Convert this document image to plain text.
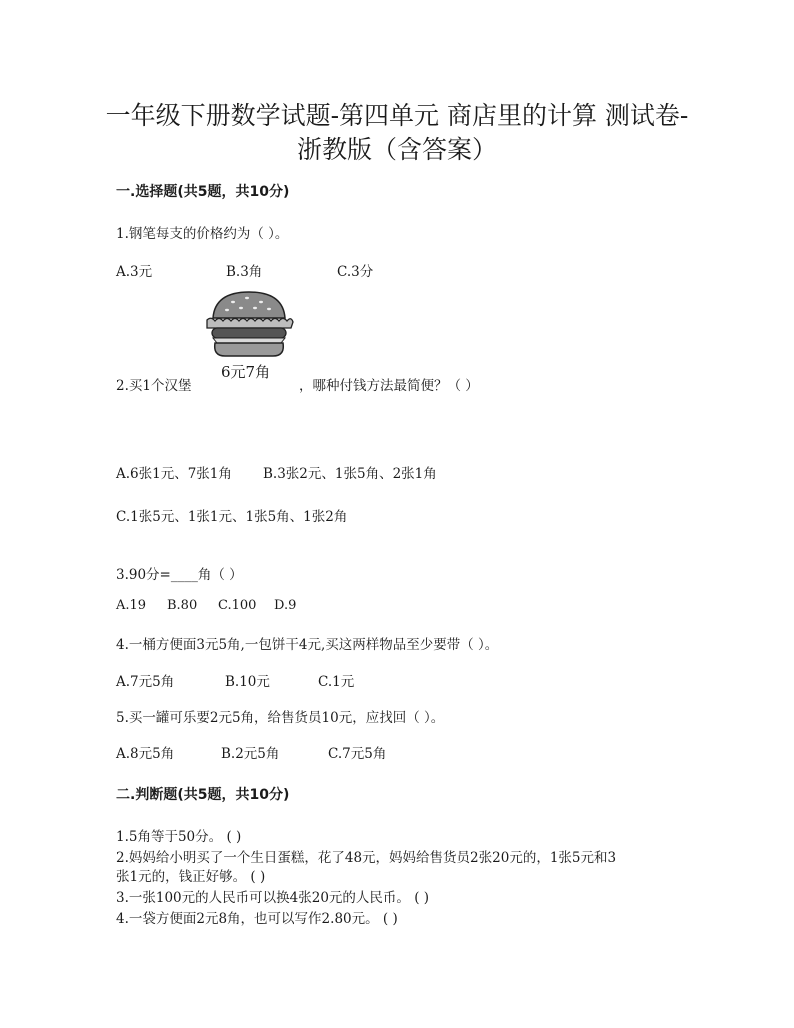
一年级下册数学试题-第四单元 商店里的计算 测试卷-
浙教版（含答案）
一.选择题(共5题，共10分)
1.钢笔每支的价格约为（ ）。
A.3元	B.3角	C.3分
6元7角
2.买1个汉堡	，哪种付钱方法最简便？（ ）
A.6张1元、7张1角 B.3张2元、1张5角、2张1角
C.1张5元、1张1元、1张5角、1张2角
3.90分=____角（ ）
A.19 B.80 C.100 D.9
4.一桶方便面3元5角,一包饼干4元,买这两样物品至少要带（ ）。
A.7元5角	B.10元	C.1元
5.买一罐可乐要2元5角，给售货员10元，应找回（ ）。
A.8元5角	B.2元5角	C.7元5角
二.判断题(共5题，共10分)
1.5角等于50分。 ( )
2.妈妈给小明买了一个生日蛋糕，花了48元，妈妈给售货员2张20元的，1张5元和3
张1元的，钱正好够。 ( )
3.一张100元的人民币可以换4张20元的人民币。 ( )
4.一袋方便面2元8角，也可以写作2.80元。 ( )
